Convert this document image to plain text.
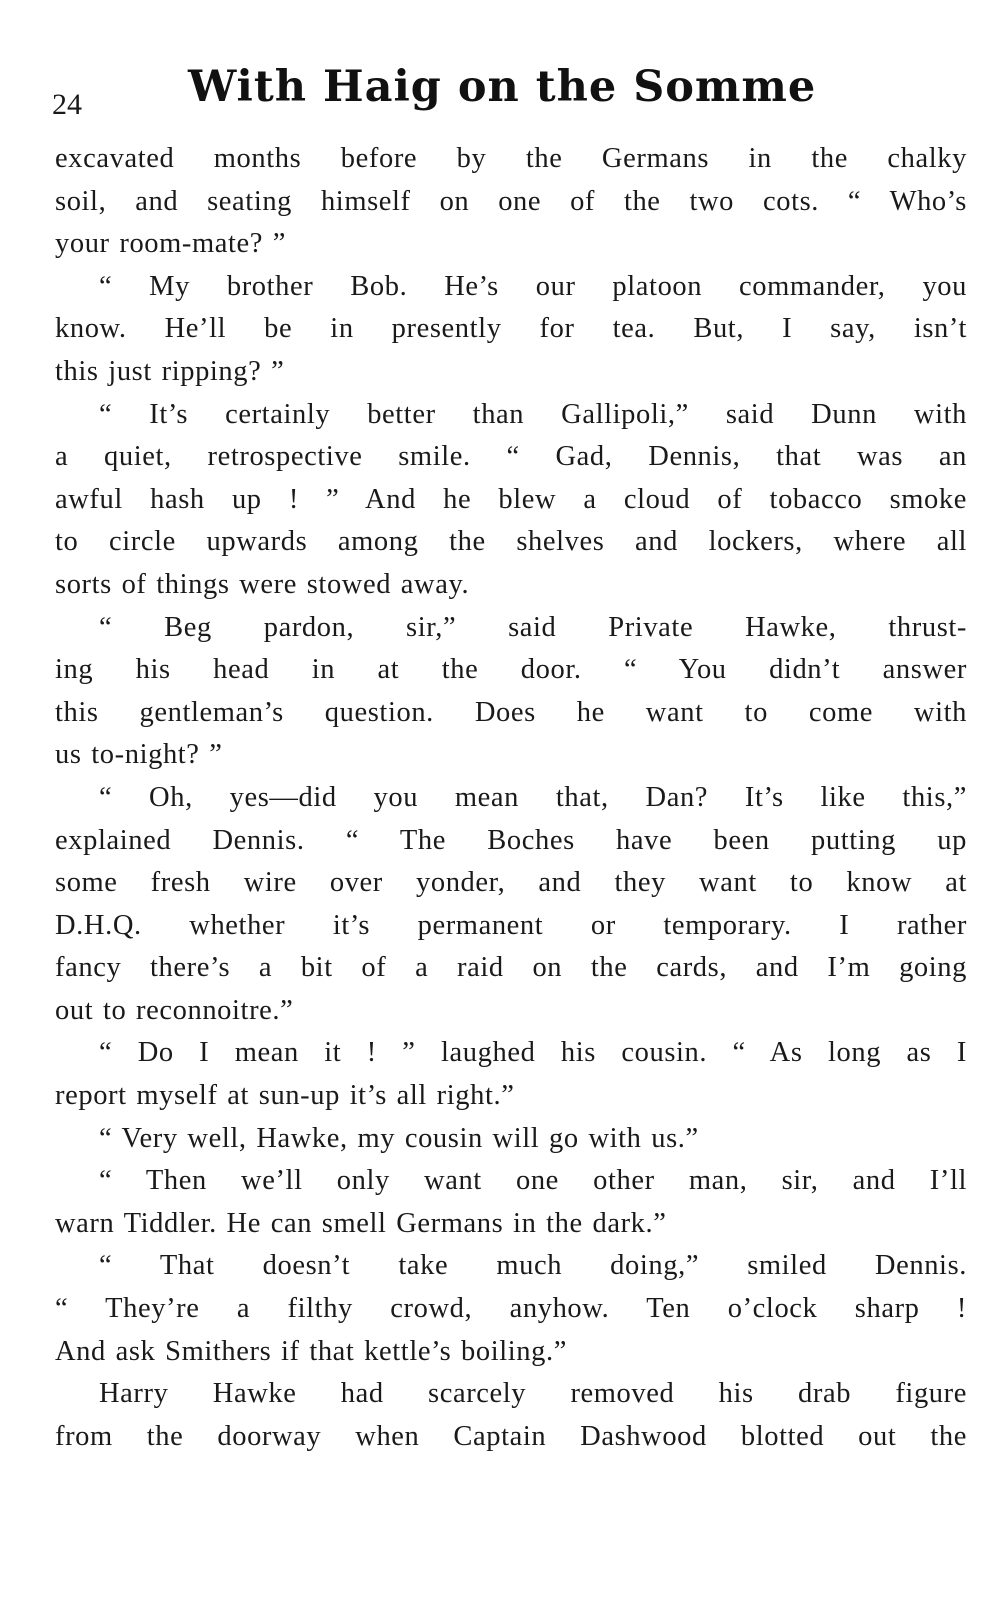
24 With Haig on the Somme
excavated months before by the Germans in the chalky
soil, and seating himself on one of the two cots. “ Who’s
your room-mate? ”
“ My brother Bob. He’s our platoon commander, you
know. He’ll be in presently for tea. But, I say, isn’t
this just ripping? ”
“ It’s certainly better than Gallipoli,” said Dunn with
a quiet, retrospective smile. “ Gad, Dennis, that was an
awful hash up ! ” And he blew a cloud of tobacco smoke
to circle upwards among the shelves and lockers, where all
sorts of things were stowed away.
“ Beg pardon, sir,” said Private Hawke, thrust-
ing his head in at the door. “ You didn’t answer
this gentleman’s question. Does he want to come with
us to-night? ”
“ Oh, yes—did you mean that, Dan? It’s like this,”
explained Dennis. “ The Boches have been putting up
some fresh wire over yonder, and they want to know at
D.H.Q. whether it’s permanent or temporary. I rather
fancy there’s a bit of a raid on the cards, and I’m going
out to reconnoitre.”
“ Do I mean it ! ” laughed his cousin. “ As long as I
report myself at sun-up it’s all right.”
“ Very well, Hawke, my cousin will go with us.”
“ Then we’ll only want one other man, sir, and I’ll
warn Tiddler. He can smell Germans in the dark.”
“ That doesn’t take much doing,” smiled Dennis.
“ They’re a filthy crowd, anyhow. Ten o’clock sharp !
And ask Smithers if that kettle’s boiling.”
Harry Hawke had scarcely removed his drab figure
from the doorway when Captain Dashwood blotted out the
